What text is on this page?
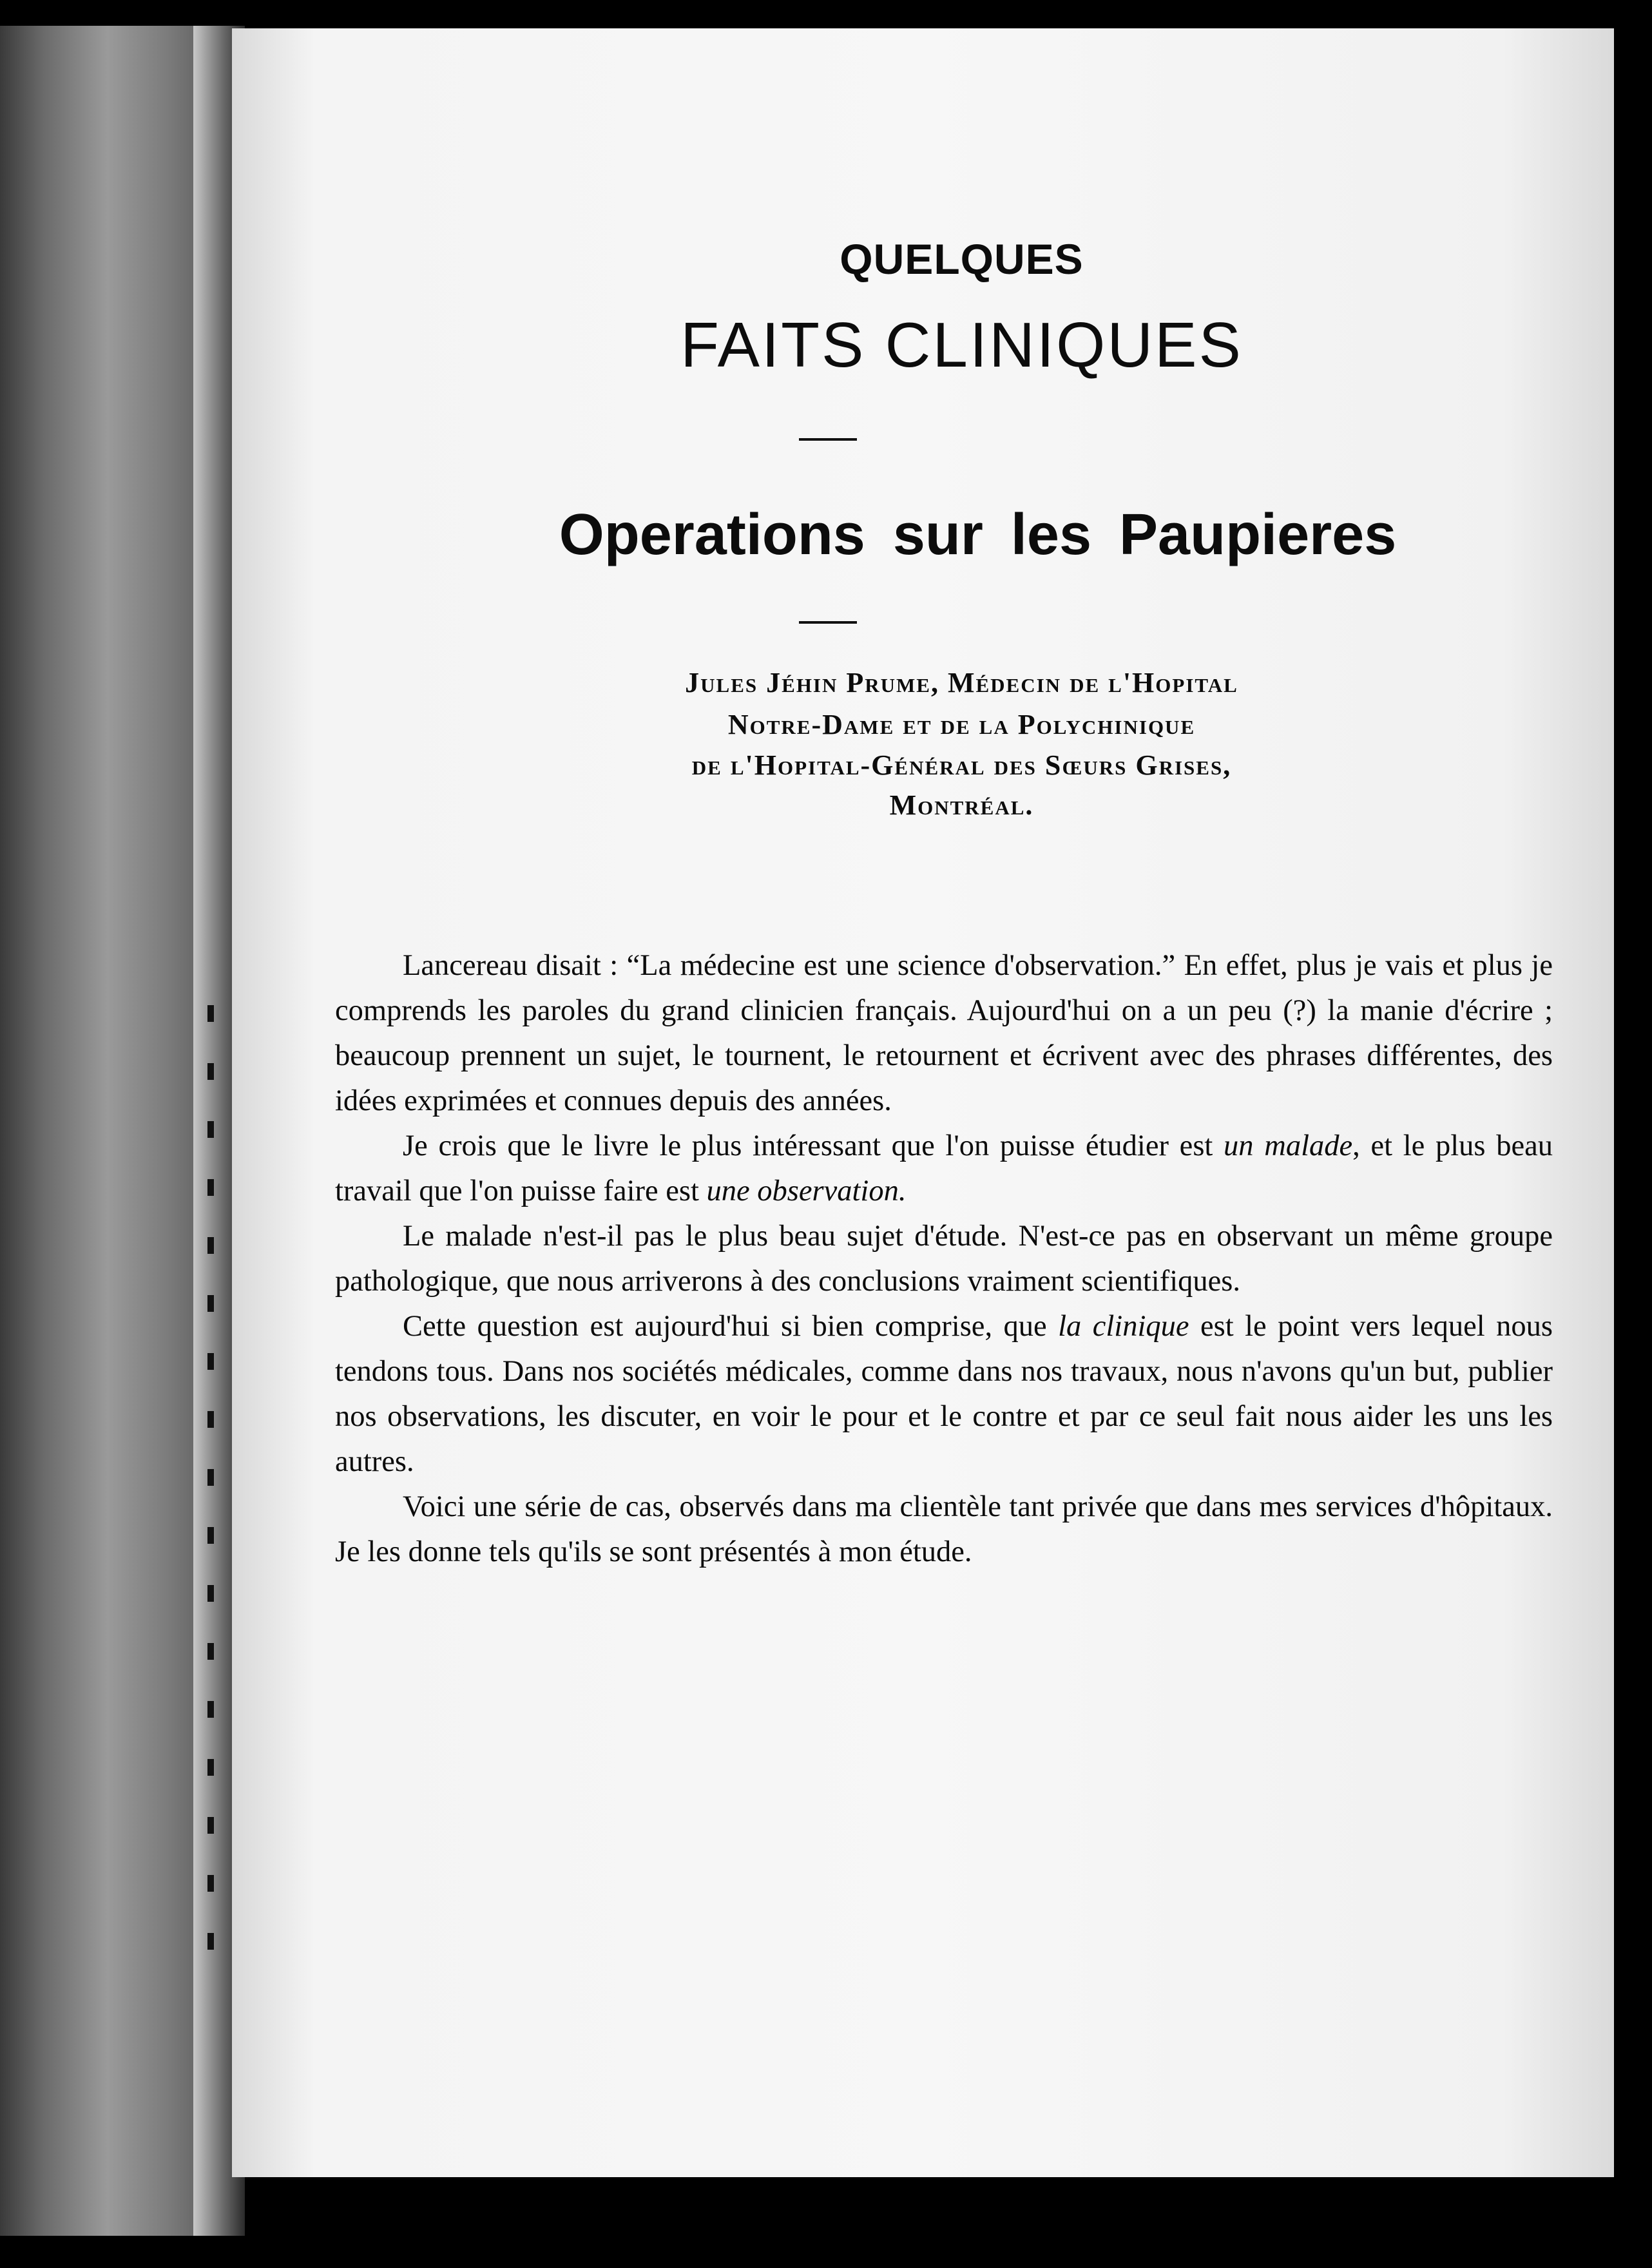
QUELQUES
FAITS CLINIQUES
Operations sur les Paupieres
Jules Jéhin Prume, Médecin de l'Hopital
Notre-Dame et de la Polychinique
de l'Hopital-Général des Sœurs Grises,
Montréal.

Lancereau disait : “La médecine est une science d'observation.” En effet, plus je vais et plus je comprends les paroles du grand clinicien français. Aujourd'hui on a un peu (?) la manie d'écrire ; beaucoup prennent un sujet, le tournent, le retournent et écrivent avec des phrases différentes, des idées exprimées et connues depuis des années.

Je crois que le livre le plus intéressant que l'on puisse étudier est un malade, et le plus beau travail que l'on puisse faire est une observation.

Le malade n'est-il pas le plus beau sujet d'étude. N'est-ce pas en observant un même groupe pathologique, que nous arriverons à des conclusions vraiment scientifiques.

Cette question est aujourd'hui si bien comprise, que la clinique est le point vers lequel nous tendons tous. Dans nos sociétés médicales, comme dans nos travaux, nous n'avons qu'un but, publier nos observations, les discuter, en voir le pour et le contre et par ce seul fait nous aider les uns les autres.

Voici une série de cas, observés dans ma clientèle tant privée que dans mes services d'hôpitaux. Je les donne tels qu'ils se sont présentés à mon étude.
